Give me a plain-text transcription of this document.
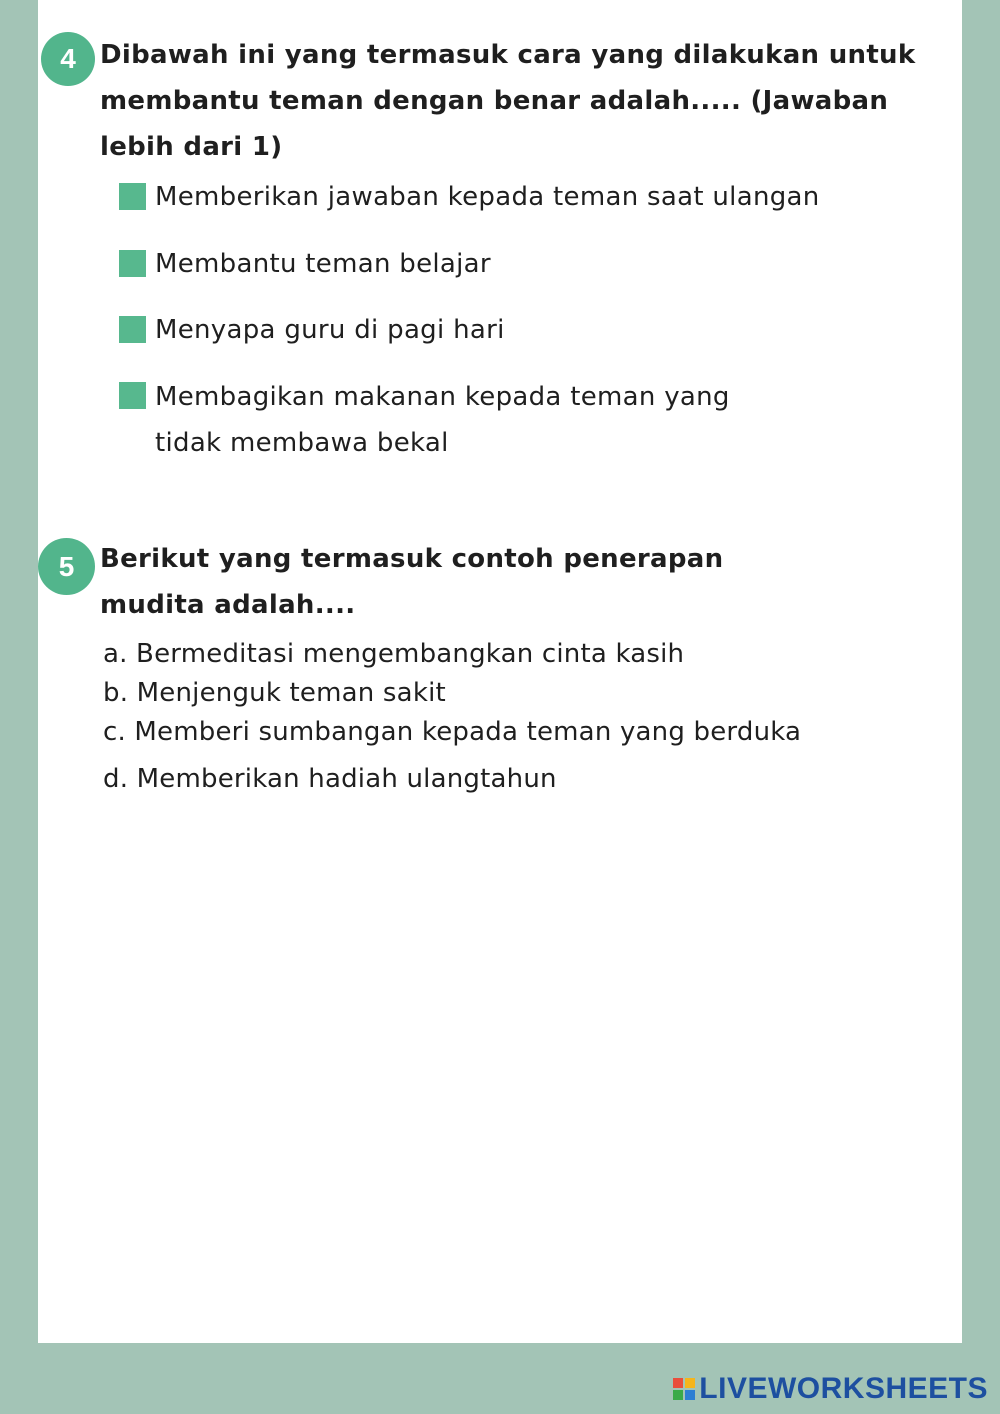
4 Dibawah ini yang termasuk cara yang dilakukan untuk membantu teman dengan benar adalah..... (Jawaban lebih dari 1)
Memberikan jawaban kepada teman saat ulangan
Membantu teman belajar
Menyapa guru di pagi hari
Membagikan makanan kepada teman yang
tidak membawa bekal
5 Berikut yang termasuk contoh penerapan mudita adalah....
a. Bermeditasi mengembangkan cinta kasih
b. Menjenguk teman sakit
c. Memberi sumbangan kepada teman yang berduka
d. Memberikan hadiah ulangtahun
LIVEWORKSHEETS
